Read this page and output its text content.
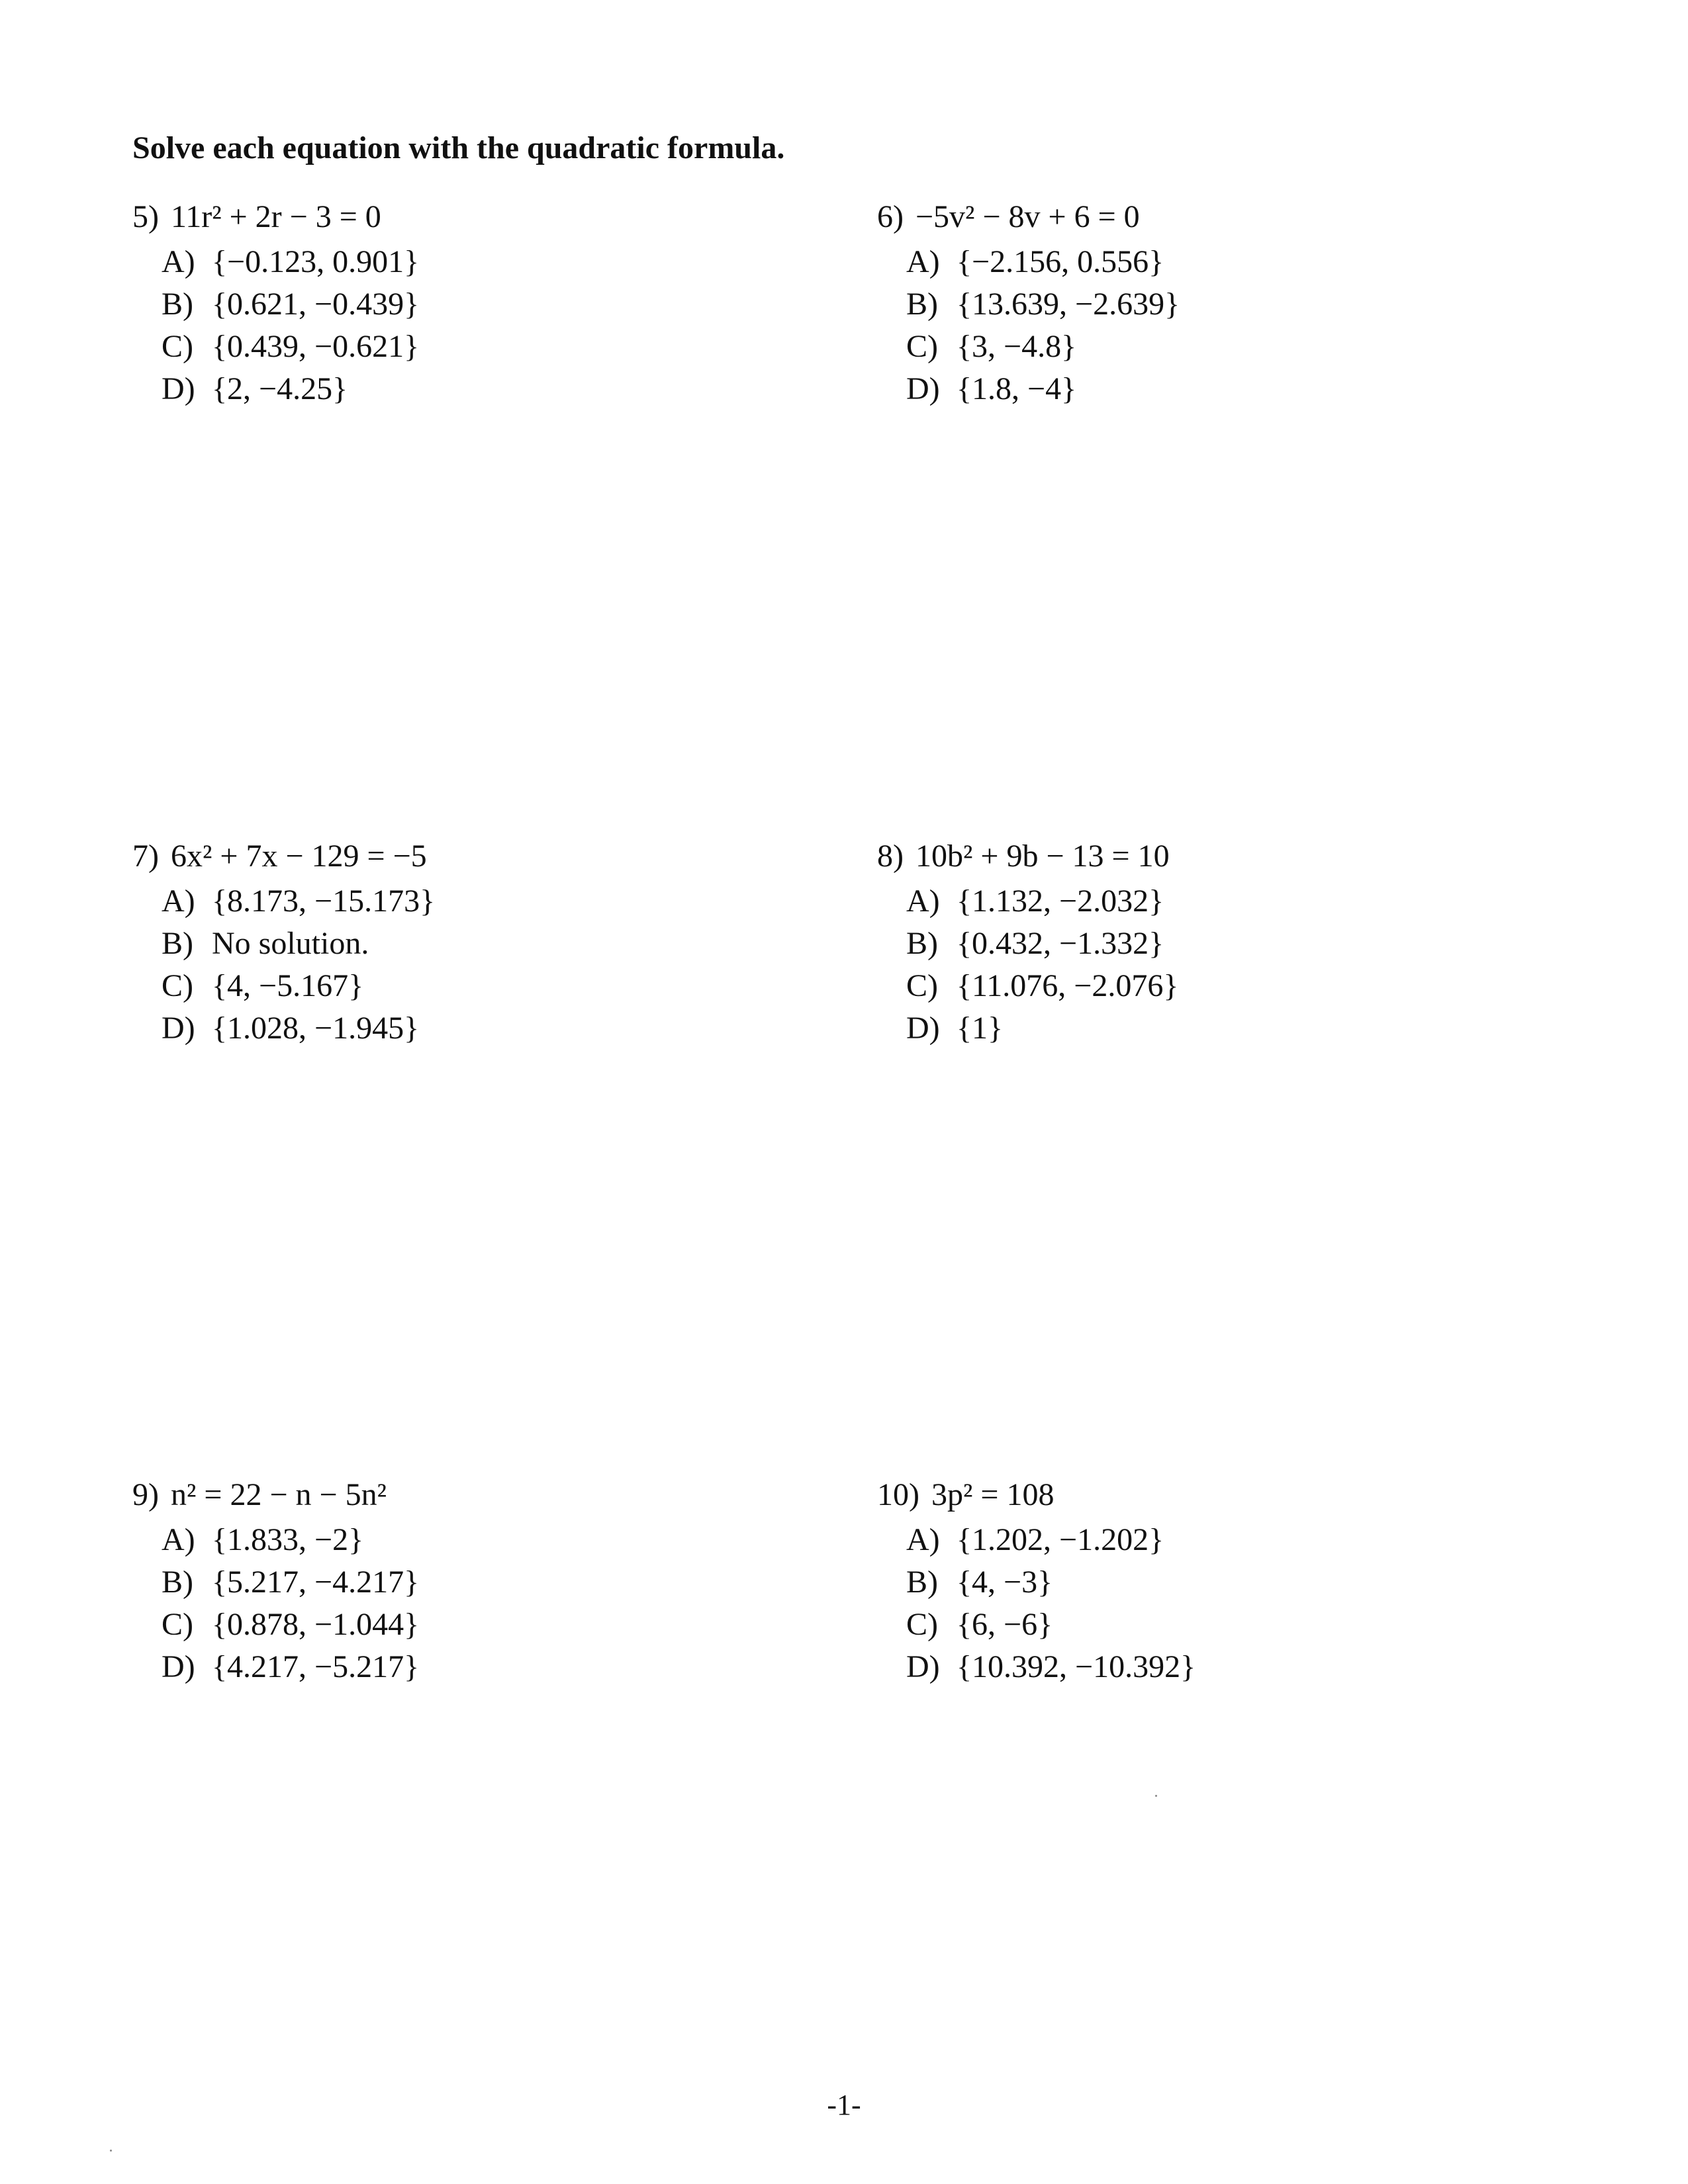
Solve each equation with the quadratic formula.
5) 11r² + 2r − 3 = 0
A) {−0.123, 0.901}
B) {0.621, −0.439}
C) {0.439, −0.621}
D) {2, −4.25}
6) −5v² − 8v + 6 = 0
A) {−2.156, 0.556}
B) {13.639, −2.639}
C) {3, −4.8}
D) {1.8, −4}
7) 6x² + 7x − 129 = −5
A) {8.173, −15.173}
B) No solution.
C) {4, −5.167}
D) {1.028, −1.945}
8) 10b² + 9b − 13 = 10
A) {1.132, −2.032}
B) {0.432, −1.332}
C) {11.076, −2.076}
D) {1}
9) n² = 22 − n − 5n²
A) {1.833, −2}
B) {5.217, −4.217}
C) {0.878, −1.044}
D) {4.217, −5.217}
10) 3p² = 108
A) {1.202, −1.202}
B) {4, −3}
C) {6, −6}
D) {10.392, −10.392}
-1-
